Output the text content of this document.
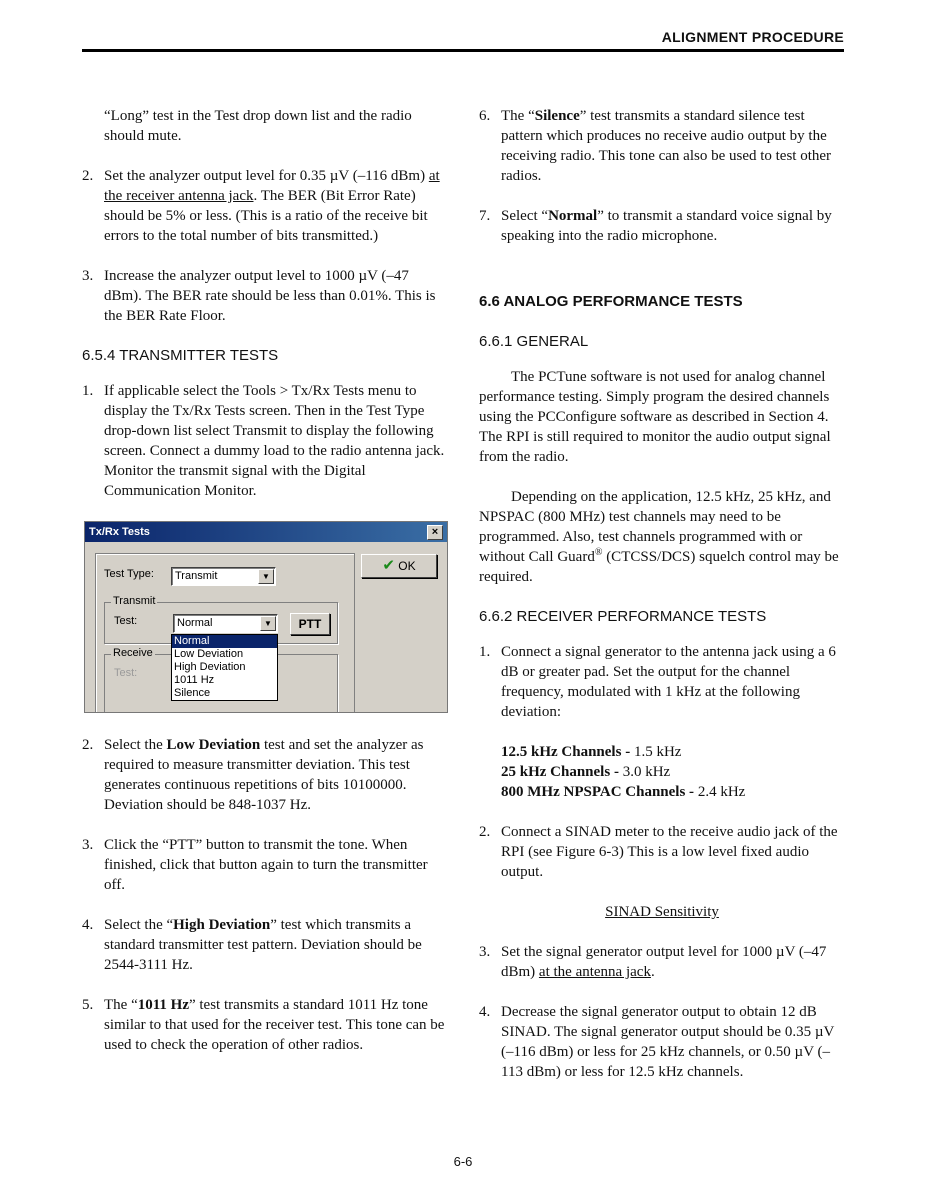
ALIGNMENT PROCEDURE

“Long” test in the Test drop down list and the radio should mute.

2. Set the analyzer output level for 0.35 µV (–116 dBm) at the receiver antenna jack. The BER (Bit Error Rate) should be 5% or less. (This is a ratio of the receive bit errors to the total number of bits transmitted.)
3. Increase the analyzer output level to 1000 µV (–47 dBm). The BER rate should be less than 0.01%. This is the BER Rate Floor.
6.5.4 TRANSMITTER TESTS
1. If applicable select the Tools > Tx/Rx Tests menu to display the Tx/Rx Tests screen. Then in the Test Type drop-down list select Transmit to display the following screen. Connect a dummy load to the radio antenna jack. Monitor the transmit signal with the Digital Communication Monitor.
Tx/Rx Tests	×
Test Type:	Transmit	▼
Transmit
Test:	Normal	▼	PTT
Receive
Test:
✔ OK
Normal
Low Deviation
High Deviation
1011 Hz
Silence
2. Select the Low Deviation test and set the analyzer as required to measure transmitter deviation. This test generates continuous repetitions of bits 10100000. Deviation should be 848-1037 Hz.
3. Click the “PTT” button to transmit the tone. When finished, click that button again to turn the transmitter off.
4. Select the “High Deviation” test which transmits a standard transmitter test pattern. Deviation should be 2544-3111 Hz.
5. The “1011 Hz” test transmits a standard 1011 Hz tone similar to that used for the receiver test. This tone can be used to check the operation of other radios.
6. The “Silence” test transmits a standard silence test pattern which produces no receive audio output by the receiving radio. This tone can also be used to test other radios.
7. Select “Normal” to transmit a standard voice signal by speaking into the radio microphone.
6.6 ANALOG PERFORMANCE TESTS
6.6.1 GENERAL

The PCTune software is not used for analog channel performance testing. Simply program the desired channels using the PCConfigure software as described in Section 4. The RPI is still required to monitor the audio output signal from the radio.

Depending on the application, 12.5 kHz, 25 kHz, and NPSPAC (800 MHz) test channels may need to be programmed. Also, test channels programmed with or without Call Guard® (CTCSS/DCS) squelch control may be required.

6.6.2 RECEIVER PERFORMANCE TESTS
1. Connect a signal generator to the antenna jack using a 6 dB or greater pad. Set the output for the channel frequency, modulated with 1 kHz at the following deviation:
12.5 kHz Channels - 1.5 kHz
25 kHz Channels - 3.0 kHz
800 MHz NPSPAC Channels - 2.4 kHz
2. Connect a SINAD meter to the receive audio jack of the RPI (see Figure 6-3) This is a low level fixed audio output.

SINAD Sensitivity

3. Set the signal generator output level for 1000 µV (–47 dBm) at the antenna jack.
4. Decrease the signal generator output to obtain 12 dB SINAD. The signal generator output should be 0.35 µV (–116 dBm) or less for 25 kHz channels, or 0.50 µV (–113 dBm) or less for 12.5 kHz channels.
6-6
